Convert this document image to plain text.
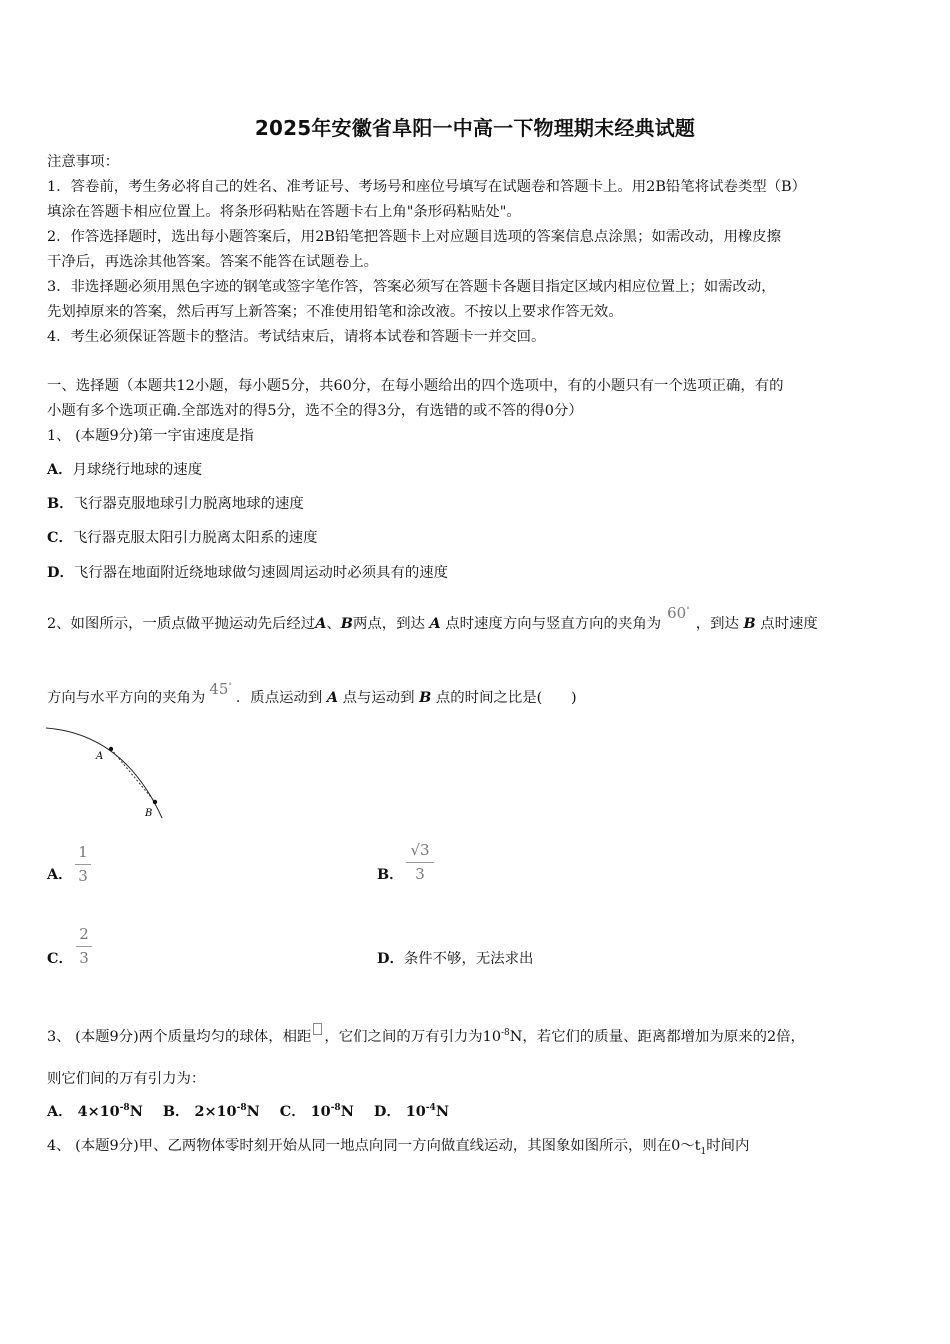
2025年安徽省阜阳一中高一下物理期末经典试题
注意事项：
1．答卷前，考生务必将自己的姓名、准考证号、考场号和座位号填写在试题卷和答题卡上。用2B铅笔将试卷类型（B）
填涂在答题卡相应位置上。将条形码粘贴在答题卡右上角"条形码粘贴处"。
2．作答选择题时，选出每小题答案后，用2B铅笔把答题卡上对应题目选项的答案信息点涂黑；如需改动，用橡皮擦
干净后，再选涂其他答案。答案不能答在试题卷上。
3．非选择题必须用黑色字迹的钢笔或签字笔作答，答案必须写在答题卡各题目指定区域内相应位置上；如需改动，
先划掉原来的答案，然后再写上新答案；不准使用铅笔和涂改液。不按以上要求作答无效。
4．考生必须保证答题卡的整洁。考试结束后，请将本试卷和答题卡一并交回。
一、选择题（本题共12小题，每小题5分，共60分，在每小题给出的四个选项中，有的小题只有一个选项正确，有的
小题有多个选项正确.全部选对的得5分，选不全的得3分，有选错的或不答的得0分）
1、 (本题9分)第一宇宙速度是指
A．月球绕行地球的速度
B．飞行器克服地球引力脱离地球的速度
C．飞行器克服太阳引力脱离太阳系的速度
D．飞行器在地面附近绕地球做匀速圆周运动时必须具有的速度
2、如图所示，一质点做平抛运动先后经过A、B两点，到达 A 点时速度方向与竖直方向的夹角为60°，到达 B 点时速度
方向与水平方向的夹角为 45°．质点运动到 A 点与运动到 B 点的时间之比是(　　)
A
B
A．
1
3	B．
√3
3
C．
2
3	D．条件不够，无法求出
3、 (本题9分)两个质量均匀的球体，相距 ，它们之间的万有引力为$10^{-8}N$，若它们的质量、距离都增加为原来的2倍，
则它们间的万有引力为：
A． $4\times 10^{-8}N$ B． $2\times 10^{-8}N$ C． $10^{-8}N$ D． $10^{-4}N$
4、 (本题9分)甲、乙两物体零时刻开始从同一地点向同一方向做直线运动，其图象如图所示，则在$0\sim t_1$时间内
